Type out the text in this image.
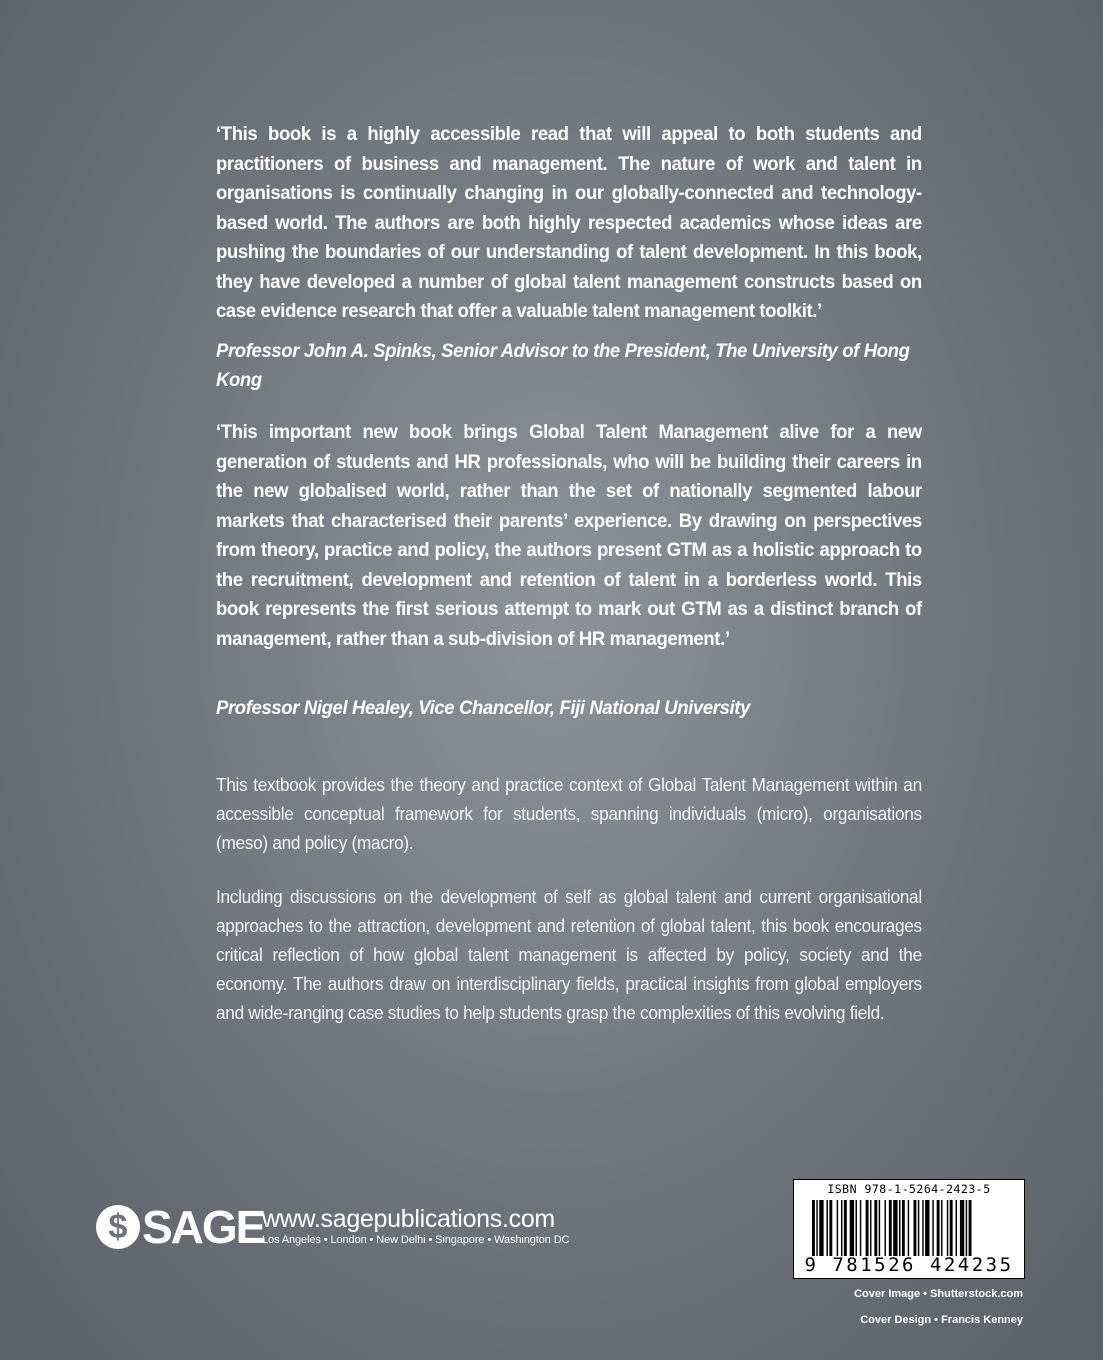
‘This book is a highly accessible read that will appeal to both students and practitioners of business and management. The nature of work and talent in organisations is continually changing in our globally-connected and technology-based world. The authors are both highly respected academics whose ideas are pushing the boundaries of our understanding of talent development. In this book, they have developed a number of global talent management constructs based on case evidence research that offer a valuable talent management toolkit.’

Professor John A. Spinks, Senior Advisor to the President, The University of Hong Kong

‘This important new book brings Global Talent Management alive for a new generation of students and HR professionals, who will be building their careers in the new globalised world, rather than the set of nationally segmented labour markets that characterised their parents’ experience. By drawing on perspectives from theory, practice and policy, the authors present GTM as a holistic approach to the recruitment, development and retention of talent in a borderless world. This book represents the first serious attempt to mark out GTM as a distinct branch of management, rather than a sub-division of HR management.’

Professor Nigel Healey, Vice Chancellor, Fiji National University

This textbook provides the theory and practice context of Global Talent Management within an accessible conceptual framework for students, spanning individuals (micro), organisations (meso) and policy (macro).

Including discussions on the development of self as global talent and current organisational approaches to the attraction, development and retention of global talent, this book encourages critical reflection of how global talent management is affected by policy, society and the economy. The authors draw on interdisciplinary fields, practical insights from global employers and wide-ranging case studies to help students grasp the complexities of this evolving field.

$ SAGE
www.sagepublications.com
Los Angeles • London • New Delhi • Singapore • Washington DC
ISBN 978-1-5264-2423-5
9 781526 424235
Cover Image • Shutterstock.com
Cover Design • Francis Kenney
